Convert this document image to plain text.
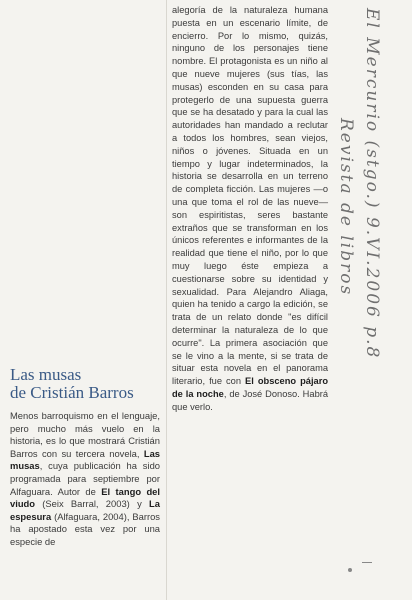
Las musas
de Cristián Barros
Menos barroquismo en el lenguaje, pero mucho más vuelo en la historia, es lo que mostrará Cristián Barros con su tercera novela, Las musas, cuya publicación ha sido programada para septiembre por Alfaguara. Autor de El tango del viudo (Seix Barral, 2003) y La espesura (Alfaguara, 2004), Barros ha apostado esta vez por una especie de
alegoría de la naturaleza humana puesta en un escenario límite, de encierro. Por lo mismo, quizás, ninguno de los personajes tiene nombre. El protagonista es un niño al que nueve mujeres (sus tías, las musas) esconden en su casa para protegerlo de una supuesta guerra que se ha desatado y para la cual las autoridades han mandado a reclutar a todos los hombres, sean viejos, niños o jóvenes. Situada en un tiempo y lugar indeterminados, la historia se desarrolla en un terreno de completa ficción. Las mujeres —o una que toma el rol de las nueve— son espiritistas, seres bastante extraños que se transforman en los únicos referentes e informantes de la realidad que tiene el niño, por lo que muy luego éste empieza a cuestionarse sobre su identidad y sexualidad. Para Alejandro Aliaga, quien ha tenido a cargo la edición, se trata de un relato donde "es difícil determinar la naturaleza de lo que ocurre". La primera asociación que se le vino a la mente, si se trata de situar esta novela en el panorama literario, fue con El obsceno pájaro de la noche, de José Donoso. Habrá que verlo.
El Mercurio (stgo.) 9.VI.2006 p.8
Revista de libros
